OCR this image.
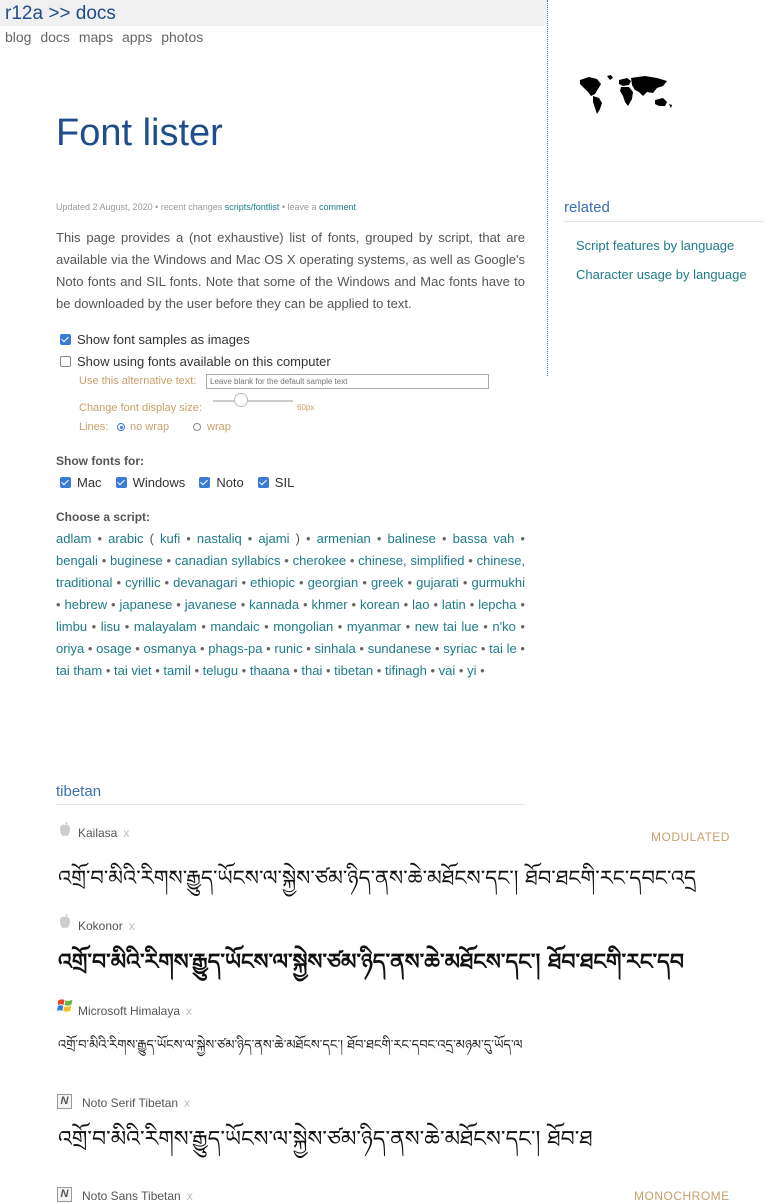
r12a >> docs
blog docs maps apps photos
Font lister
Updated 2 August, 2020 • recent changes scripts/fontlist • leave a comment

This page provides a (not exhaustive) list of fonts, grouped by script, that are available via the Windows and Mac OS X operating systems, as well as Google's Noto fonts and SIL fonts. Note that some of the Windows and Mac fonts have to be downloaded by the user before they can be applied to text.

Show font samples as images
Show using fonts available on this computer
Use this alternative text:
Leave blank for the default sample text
Change font display size:	60px
Lines: no wrap	wrap
Show fonts for:
Mac Windows Noto SIL
Choose a script:

adlam • arabic ( kufi • nastaliq • ajami ) • armenian • balinese • bassa vah • bengali • buginese • canadian syllabics • cherokee • chinese, simplified • chinese, traditional • cyrillic • devanagari • ethiopic • georgian • greek • gujarati • gurmukhi • hebrew • japanese • javanese • kannada • khmer • korean • lao • latin • lepcha • limbu • lisu • malayalam • mandaic • mongolian • myanmar • new tai lue • n'ko • oriya • osage • osmanya • phags-pa • runic • sinhala • sundanese • syriac • tai le • tai tham • tai viet • tamil • telugu • thaana • thai • tibetan • tifinagh • vai • yi •

related
Script features by language
Character usage by language
tibetan
Kailasa x	MODULATED
འགྲོ་བ་མིའི་རིགས་རྒྱུད་ཡོངས་ལ་སྐྱེས་ཙམ་ཉིད་ནས་ཆེ་མཐོངས་དང༌། ཐོབ་ཐངགི་རང་དབང་འདྲ
Kokonor x
འགྲོ་བ་མིའི་རིགས་རྒྱུད་ཡོངས་ལ་སྐྱེས་ཙམ་ཉིད་ནས་ཆེ་མཐོངས་དང༌། ཐོབ་ཐངགི་རང་དབ
Microsoft Himalaya x
འགྲོ་བ་མིའི་རིགས་རྒྱུད་ཡོངས་ལ་སྐྱེས་ཙམ་ཉིད་ནས་ཆེ་མཐོངས་དང༌། ཐོབ་ཐངགི་རང་དབང་འདྲ་མཉམ་དུ་ཡོད་ལ
N Noto Serif Tibetan x
འགྲོ་བ་མིའི་རིགས་རྒྱུད་ཡོངས་ལ་སྐྱེས་ཙམ་ཉིད་ནས་ཆེ་མཐོངས་དང༌། ཐོབ་ཐ
N Noto Sans Tibetan x	MONOCHROME
